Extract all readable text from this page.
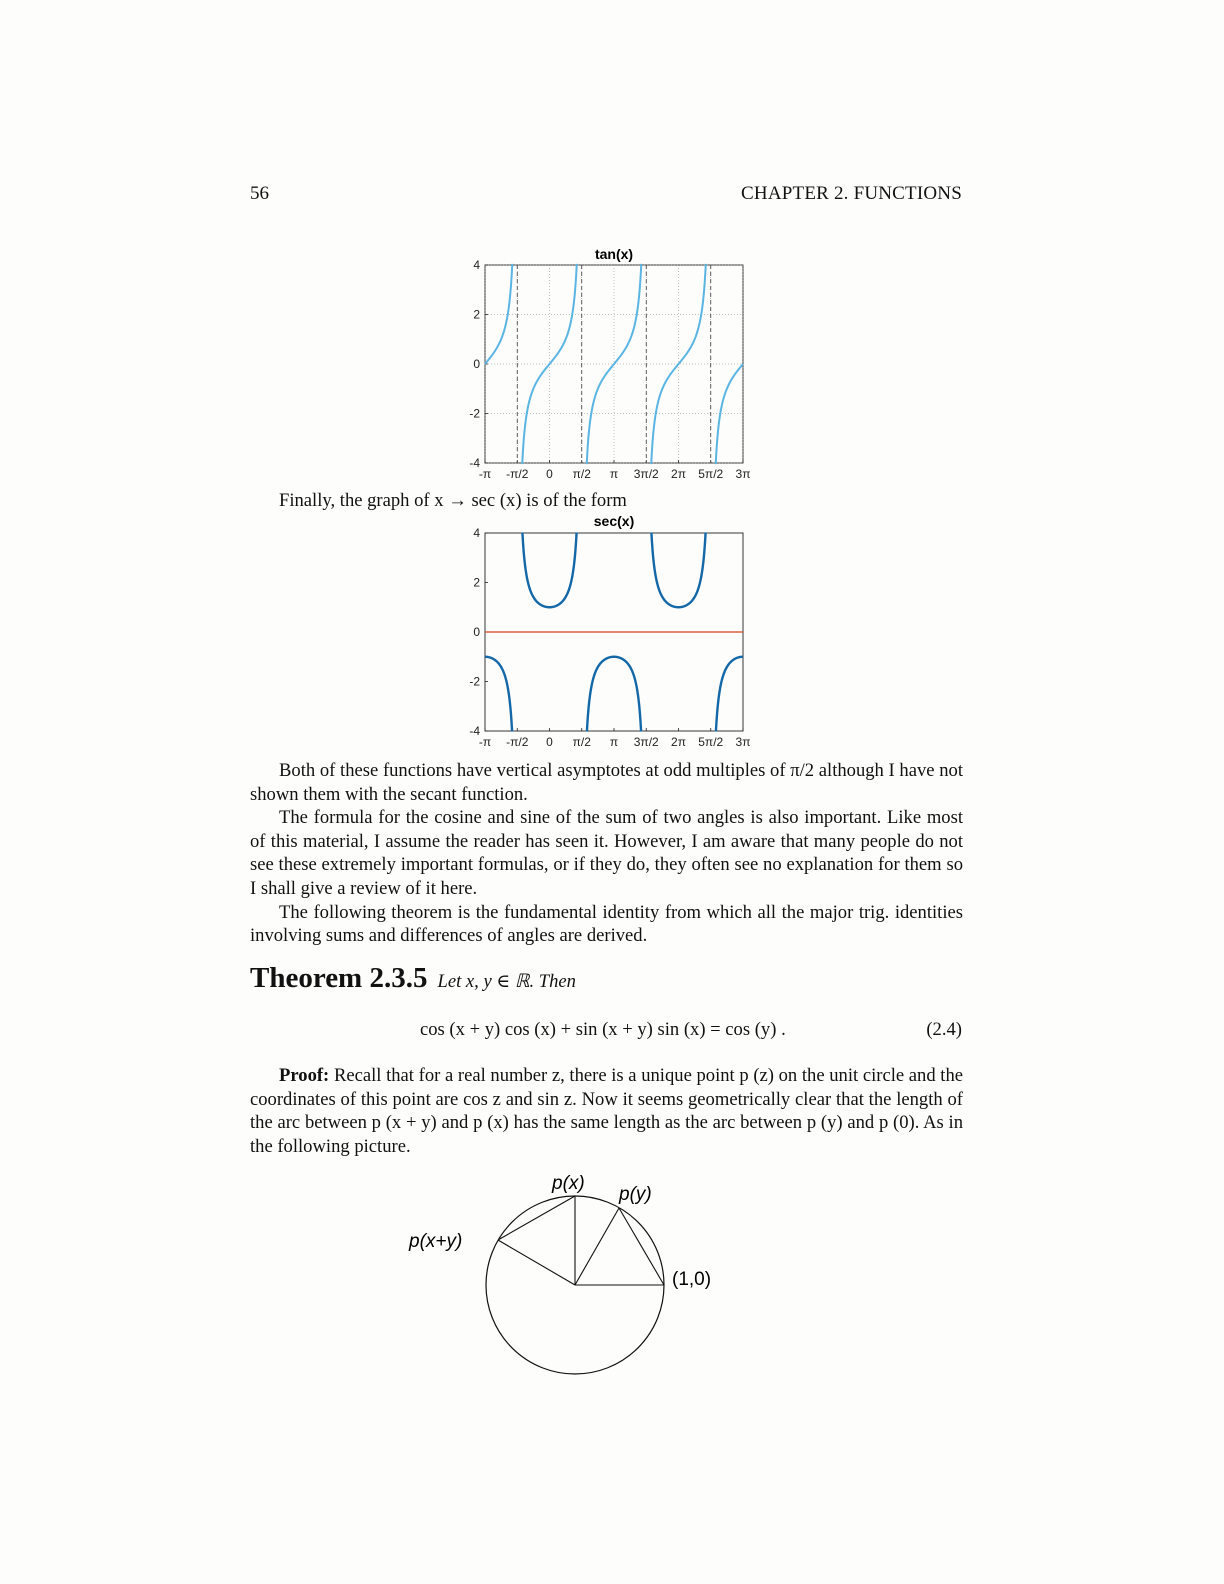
56	CHAPTER 2. FUNCTIONS
tan(x)
4
2
0
-2
-4
-π -π/2 0 π/2 π 3π/2 2π 5π/2 3π
Finally, the graph of x → sec (x) is of the form
sec(x)
4
2
0
-2
-4
-π -π/2 0 π/2 π 3π/2 2π 5π/2 3π

Both of these functions have vertical asymptotes at odd multiples of π/2 although I have not shown them with the secant function.

The formula for the cosine and sine of the sum of two angles is also important. Like most of this material, I assume the reader has seen it. However, I am aware that many people do not see these extremely important formulas, or if they do, they often see no explanation for them so I shall give a review of it here.

The following theorem is the fundamental identity from which all the major trig. identities involving sums and differences of angles are derived.

Theorem 2.3.5 Let x, y ∈ ℝ. Then
cos (x + y) cos (x) + sin (x + y) sin (x) = cos (y) .	(2.4)

Proof: Recall that for a real number z, there is a unique point p (z) on the unit circle and the coordinates of this point are cos z and sin z. Now it seems geometrically clear that the length of the arc between p (x + y) and p (x) has the same length as the arc between p (y) and p (0). As in the following picture.

p(x)
p(y)
p(x+y)
(1,0)
